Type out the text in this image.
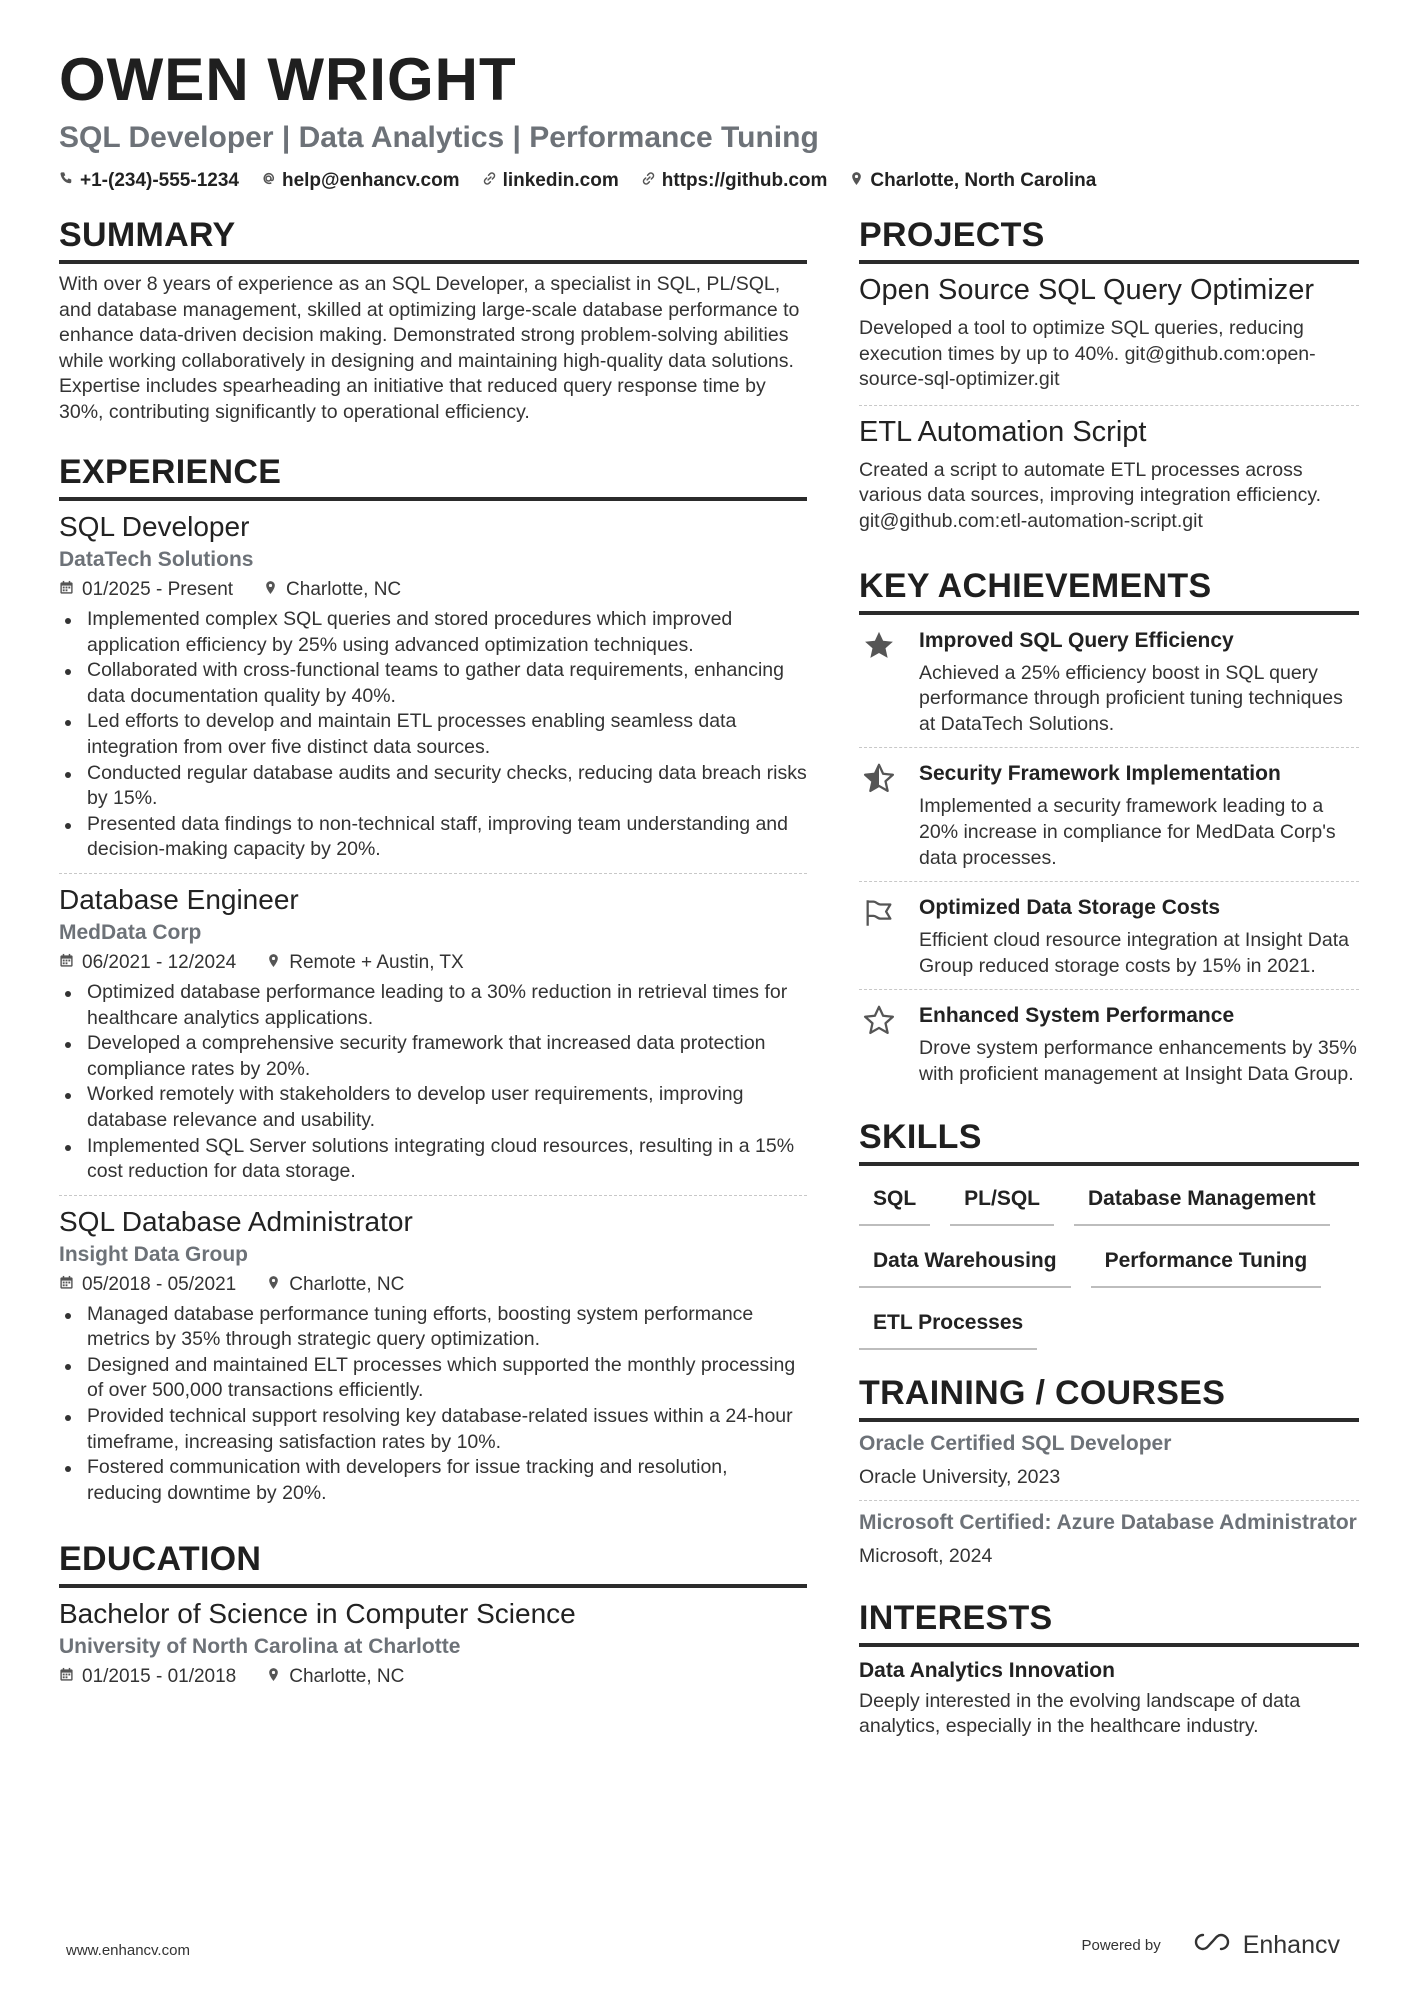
OWEN WRIGHT
SQL Developer | Data Analytics | Performance Tuning
+1-(234)-555-1234 help@enhancv.com linkedin.com https://github.com Charlotte, North Carolina
SUMMARY
With over 8 years of experience as an SQL Developer, a specialist in SQL, PL/SQL, and database management, skilled at optimizing large-scale database performance to enhance data-driven decision making. Demonstrated strong problem-solving abilities while working collaboratively in designing and maintaining high-quality data solutions. Expertise includes spearheading an initiative that reduced query response time by 30%, contributing significantly to operational efficiency.
EXPERIENCE
SQL Developer
DataTech Solutions
01/2025 - Present	Charlotte, NC
Implemented complex SQL queries and stored procedures which improved application efficiency by 25% using advanced optimization techniques.
Collaborated with cross-functional teams to gather data requirements, enhancing data documentation quality by 40%.
Led efforts to develop and maintain ETL processes enabling seamless data integration from over five distinct data sources.
Conducted regular database audits and security checks, reducing data breach risks by 15%.
Presented data findings to non-technical staff, improving team understanding and decision-making capacity by 20%.
Database Engineer
MedData Corp
06/2021 - 12/2024	Remote + Austin, TX
Optimized database performance leading to a 30% reduction in retrieval times for healthcare analytics applications.
Developed a comprehensive security framework that increased data protection compliance rates by 20%.
Worked remotely with stakeholders to develop user requirements, improving database relevance and usability.
Implemented SQL Server solutions integrating cloud resources, resulting in a 15% cost reduction for data storage.
SQL Database Administrator
Insight Data Group
05/2018 - 05/2021	Charlotte, NC
Managed database performance tuning efforts, boosting system performance metrics by 35% through strategic query optimization.
Designed and maintained ELT processes which supported the monthly processing of over 500,000 transactions efficiently.
Provided technical support resolving key database-related issues within a 24-hour timeframe, increasing satisfaction rates by 10%.
Fostered communication with developers for issue tracking and resolution, reducing downtime by 20%.
EDUCATION
Bachelor of Science in Computer Science
University of North Carolina at Charlotte
01/2015 - 01/2018	Charlotte, NC
PROJECTS
Open Source SQL Query Optimizer
Developed a tool to optimize SQL queries, reducing execution times by up to 40%. git@github.com:open-source-sql-optimizer.git
ETL Automation Script
Created a script to automate ETL processes across various data sources, improving integration efficiency. git@github.com:etl-automation-script.git
KEY ACHIEVEMENTS
Improved SQL Query Efficiency
Achieved a 25% efficiency boost in SQL query performance through proficient tuning techniques at DataTech Solutions.
Security Framework Implementation
Implemented a security framework leading to a 20% increase in compliance for MedData Corp's data processes.
Optimized Data Storage Costs
Efficient cloud resource integration at Insight Data Group reduced storage costs by 15% in 2021.
Enhanced System Performance
Drove system performance enhancements by 35% with proficient management at Insight Data Group.
SKILLS
SQL	PL/SQL	Database Management
Data Warehousing	Performance Tuning
ETL Processes
TRAINING / COURSES
Oracle Certified SQL Developer
Oracle University, 2023
Microsoft Certified: Azure Database Administrator
Microsoft, 2024
INTERESTS
Data Analytics Innovation
Deeply interested in the evolving landscape of data analytics, especially in the healthcare industry.
www.enhancv.com	Powered by	Enhancv
